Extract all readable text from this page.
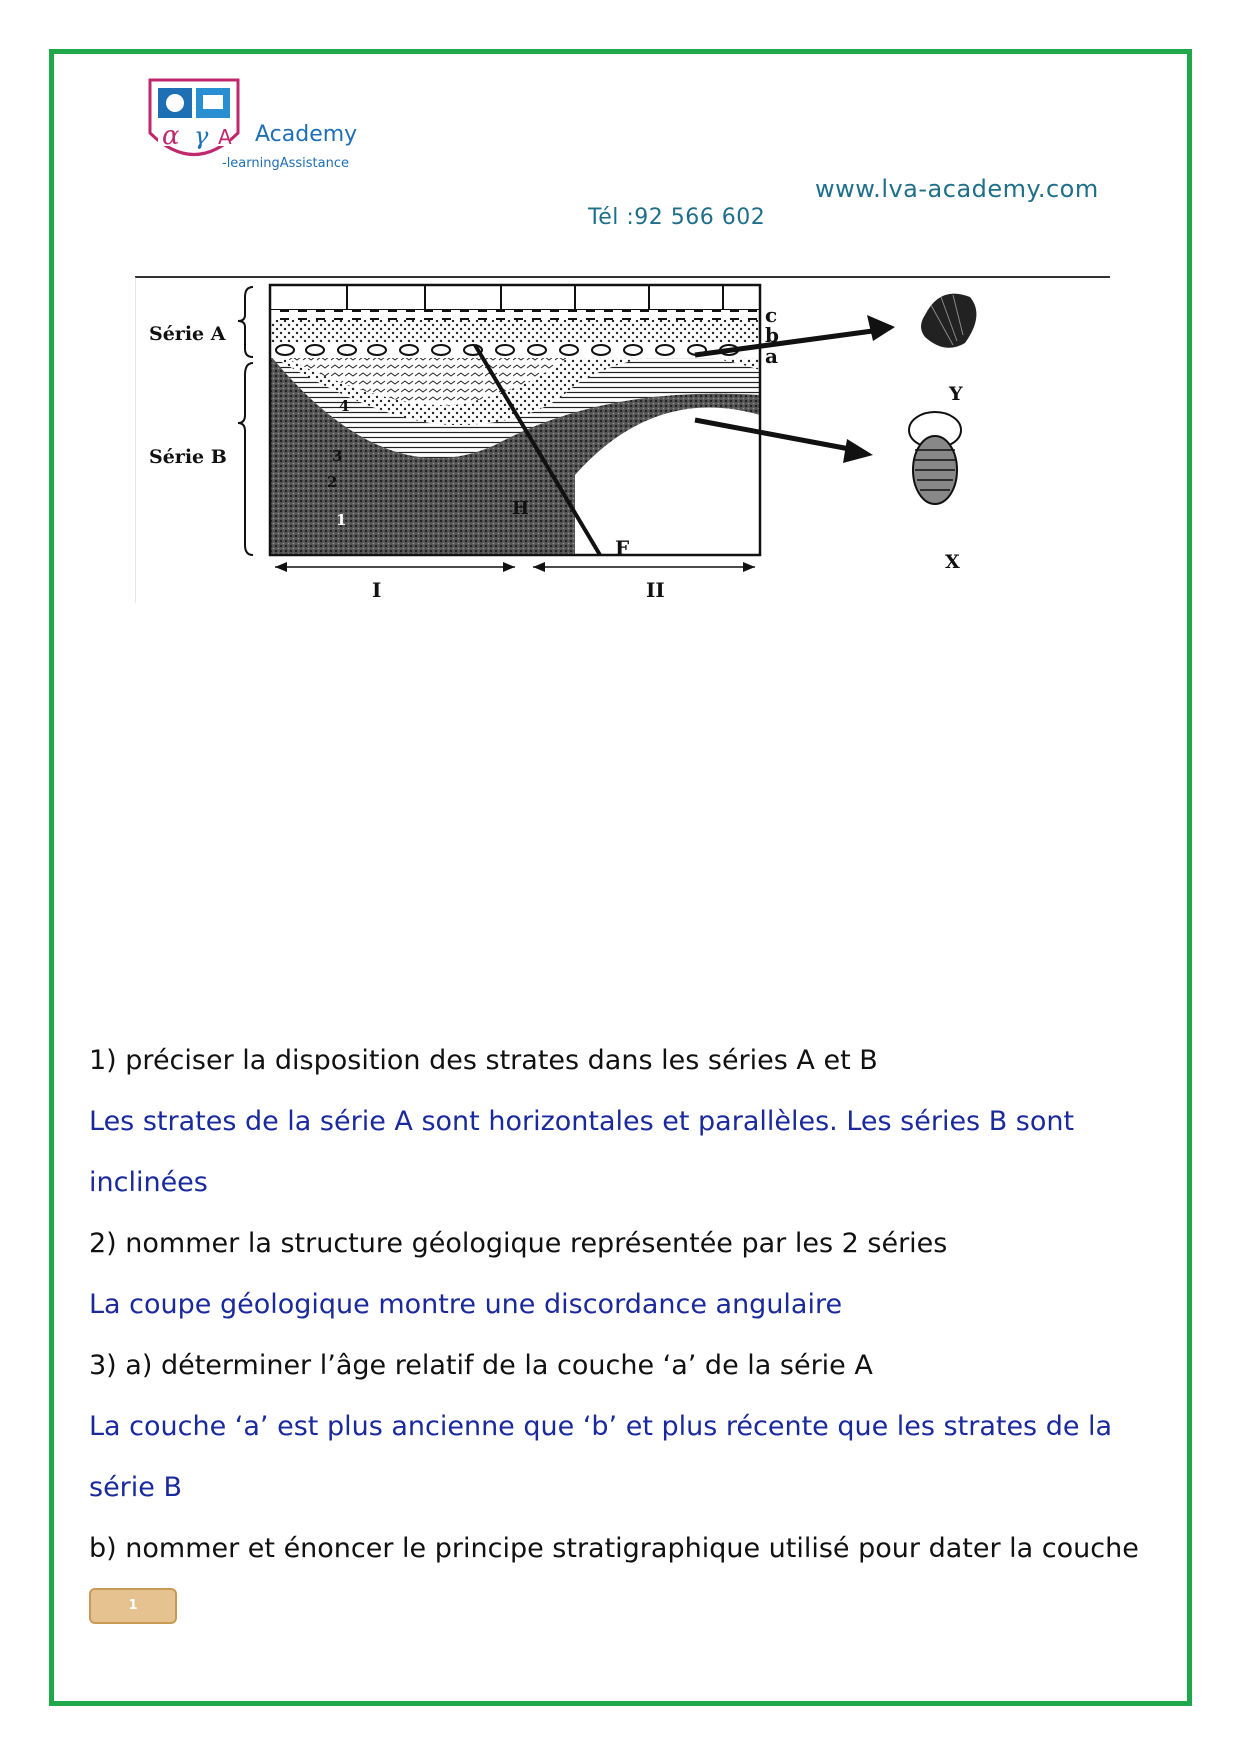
α γ A Academy
-learningAssistance
www.lva-academy.com
Tél :92 566 602
Série A
Série B
c
b
a
4
3
2
1
F
H
I	II
Y
X
1) préciser la disposition des strates dans les séries A et B
Les strates de la série A sont horizontales et parallèles. Les séries B sont
inclinées
2) nommer la structure géologique représentée par les 2 séries
La coupe géologique montre une discordance angulaire
3) a) déterminer l’âge relatif de la couche ‘a’ de la série A
La couche ‘a’ est plus ancienne que ‘b’ et plus récente que les strates de la
série B
b) nommer et énoncer le principe stratigraphique utilisé pour dater la couche
1
